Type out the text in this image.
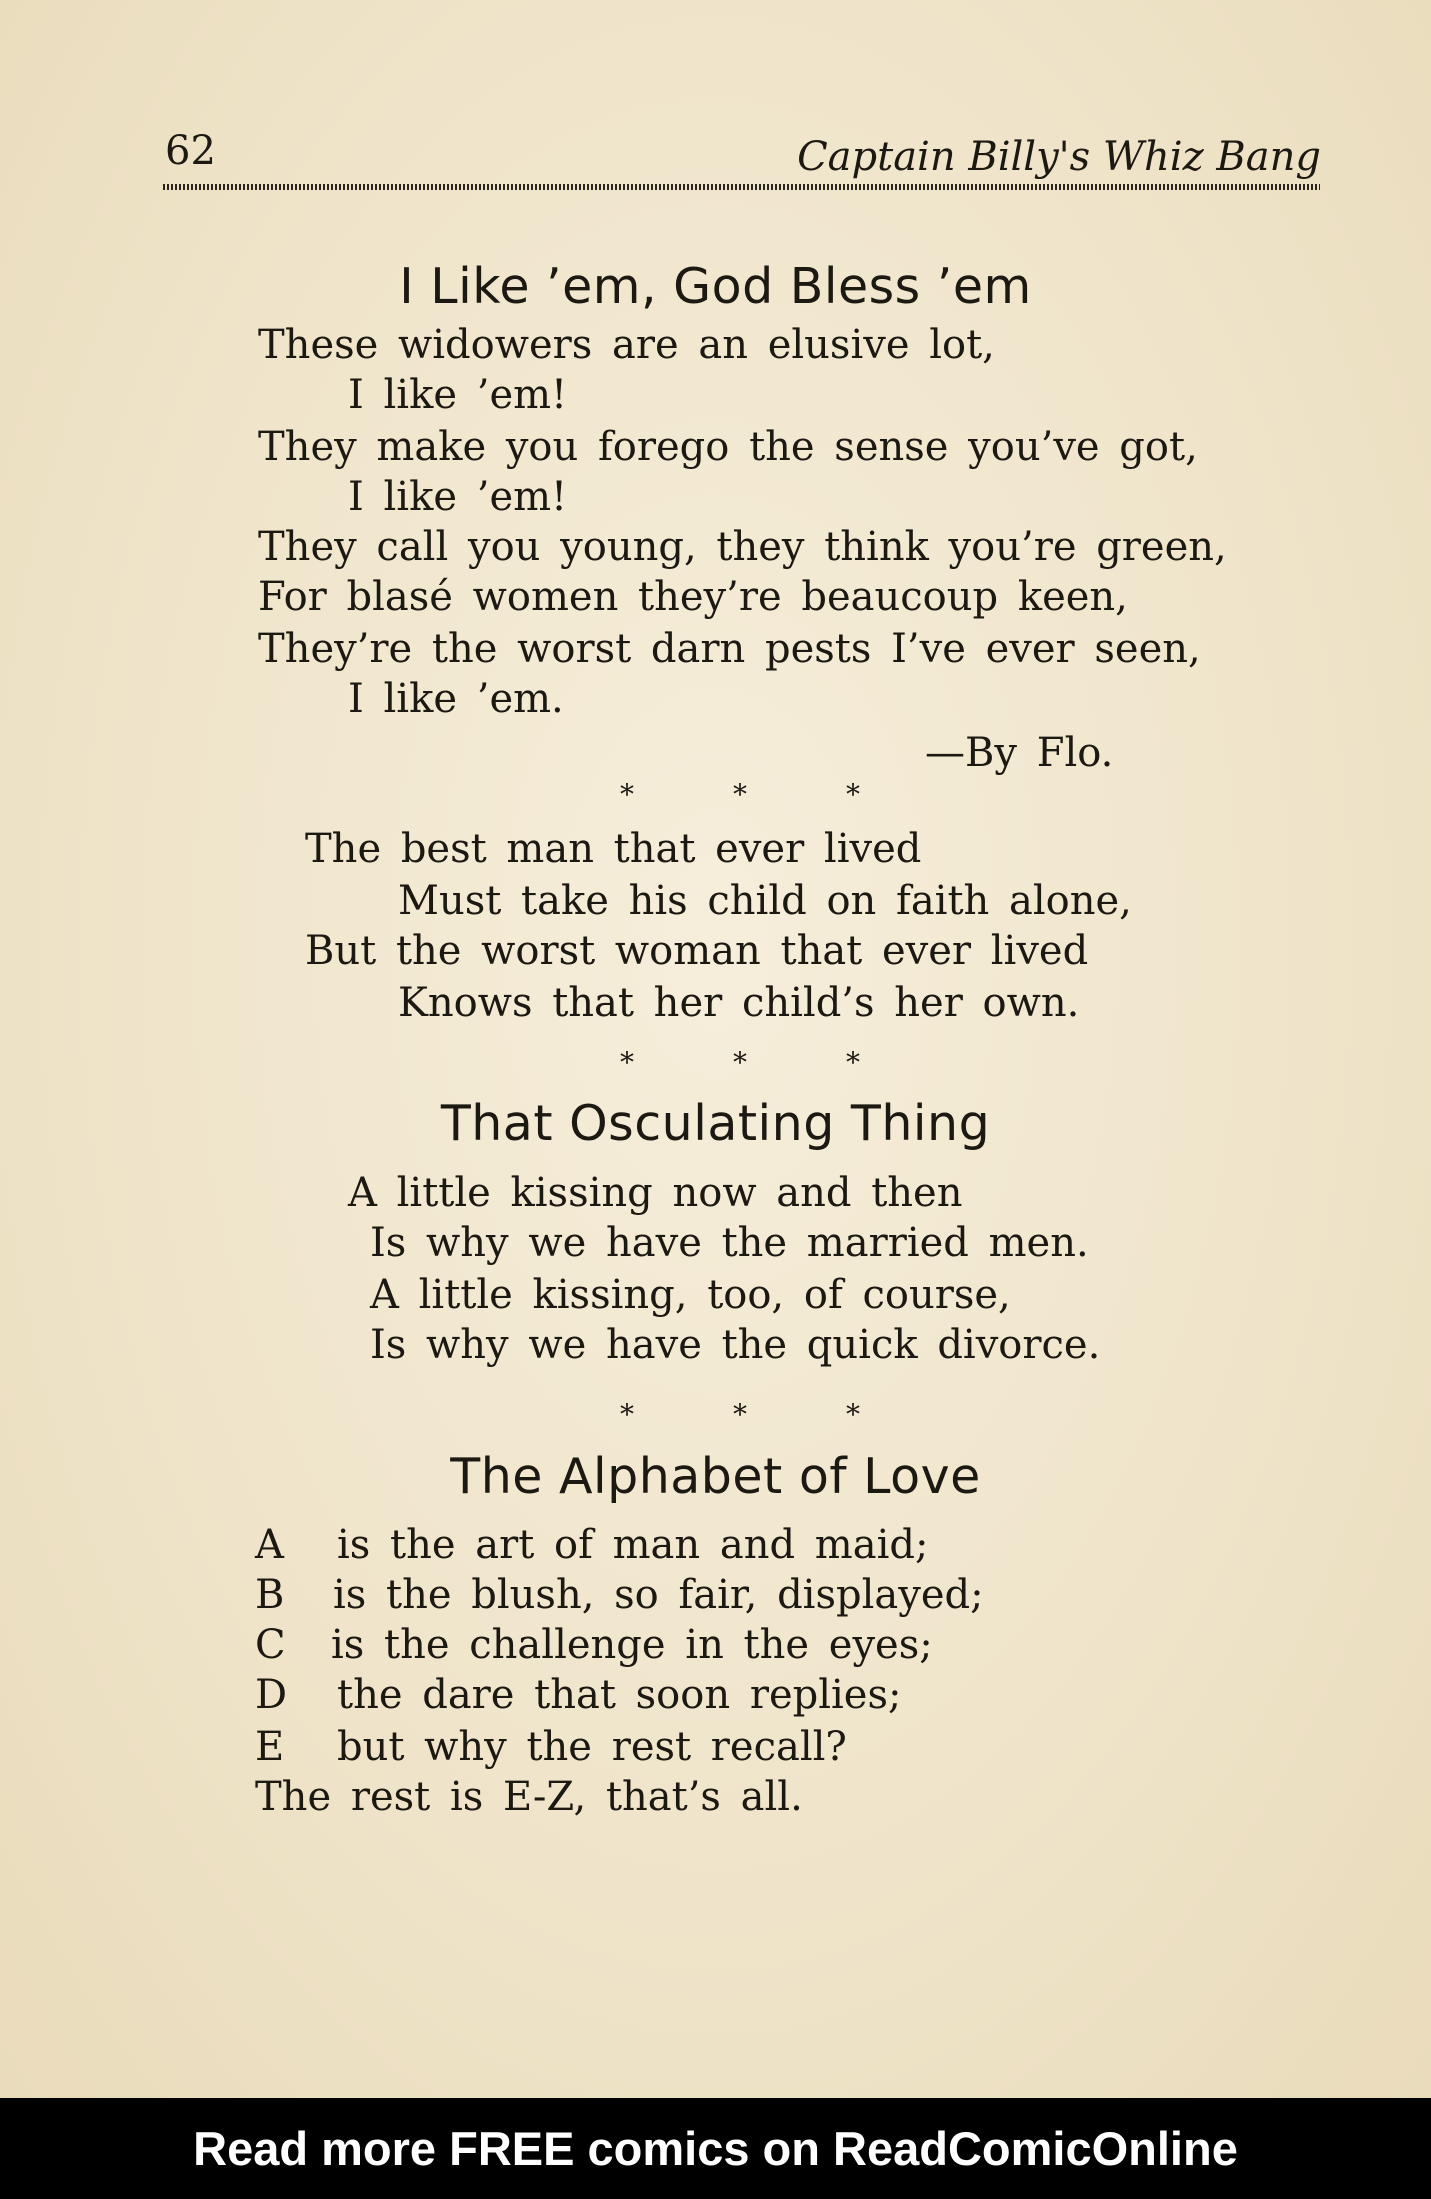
62	Captain Billy's Whiz Bang
I Like ’em, God Bless ’em
These widowers are an elusive lot,
I like ’em!
They make you forego the sense you’ve got,
I like ’em!
They call you young, they think you’re green,
For blasé women they’re beaucoup keen,
They’re the worst darn pests I’ve ever seen,
I like ’em.
—By Flo.
*	*	*
The best man that ever lived
Must take his child on faith alone,
But the worst woman that ever lived
Knows that her child’s her own.
*	*	*
That Osculating Thing
A little kissing now and then
Is why we have the married men.
A little kissing, too, of course,
Is why we have the quick divorce.
*	*	*
The Alphabet of Love
A is the art of man and maid;
B is the blush, so fair, displayed;
C is the challenge in the eyes;
D the dare that soon replies;
E but why the rest recall?
The rest is E-Z, that’s all.
Read more FREE comics on ReadComicOnline
